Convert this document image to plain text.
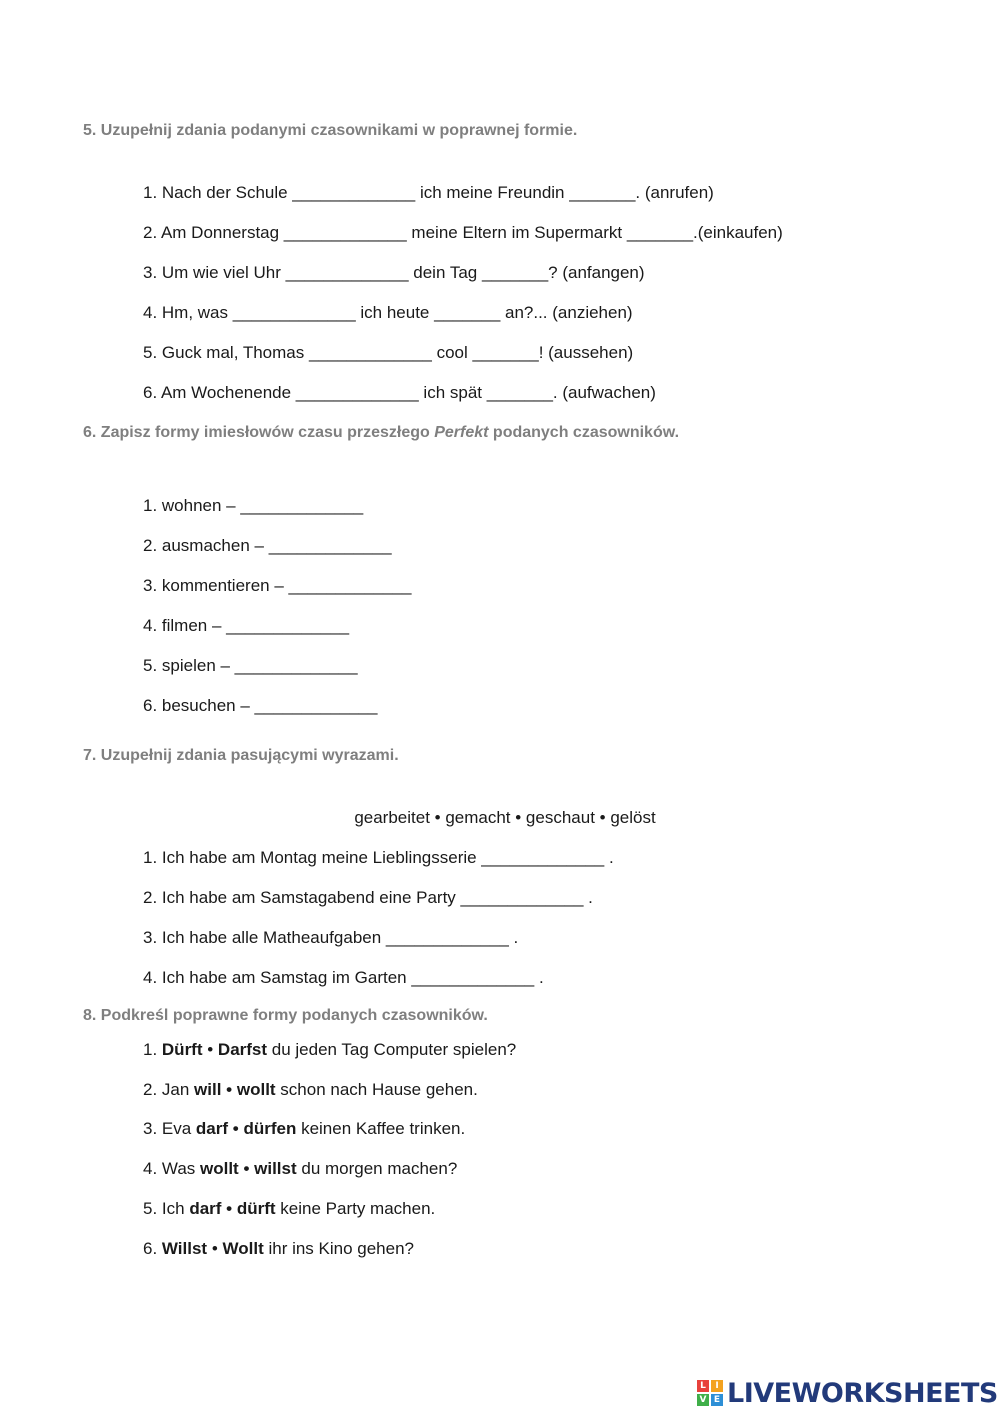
5. Uzupełnij zdania podanymi czasownikami w poprawnej formie.
1. Nach der Schule _____________ ich meine Freundin _______. (anrufen)
2. Am Donnerstag _____________ meine Eltern im Supermarkt _______.(einkaufen)
3. Um wie viel Uhr _____________ dein Tag _______? (anfangen)
4. Hm, was _____________ ich heute _______ an?... (anziehen)
5. Guck mal, Thomas _____________ cool _______! (aussehen)
6. Am Wochenende _____________ ich spät _______. (aufwachen)
6. Zapisz formy imiesłowów czasu przeszłego Perfekt podanych czasowników.
1. wohnen – _____________
2. ausmachen – _____________
3. kommentieren – _____________
4. filmen – _____________
5. spielen – _____________
6. besuchen – _____________
7. Uzupełnij zdania pasującymi wyrazami.
gearbeitet • gemacht • geschaut • gelöst
1. Ich habe am Montag meine Lieblingsserie _____________ .
2. Ich habe am Samstagabend eine Party _____________ .
3. Ich habe alle Matheaufgaben _____________ .
4. Ich habe am Samstag im Garten _____________ .
8. Podkreśl poprawne formy podanych czasowników.
1. Dürft • Darfst du jeden Tag Computer spielen?
2. Jan will • wollt schon nach Hause gehen.
3. Eva darf • dürfen keinen Kaffee trinken.
4. Was wollt • willst du morgen machen?
5. Ich darf • dürft keine Party machen.
6. Willst • Wollt ihr ins Kino gehen?
L	I
V E LIVEWORKSHEETS
